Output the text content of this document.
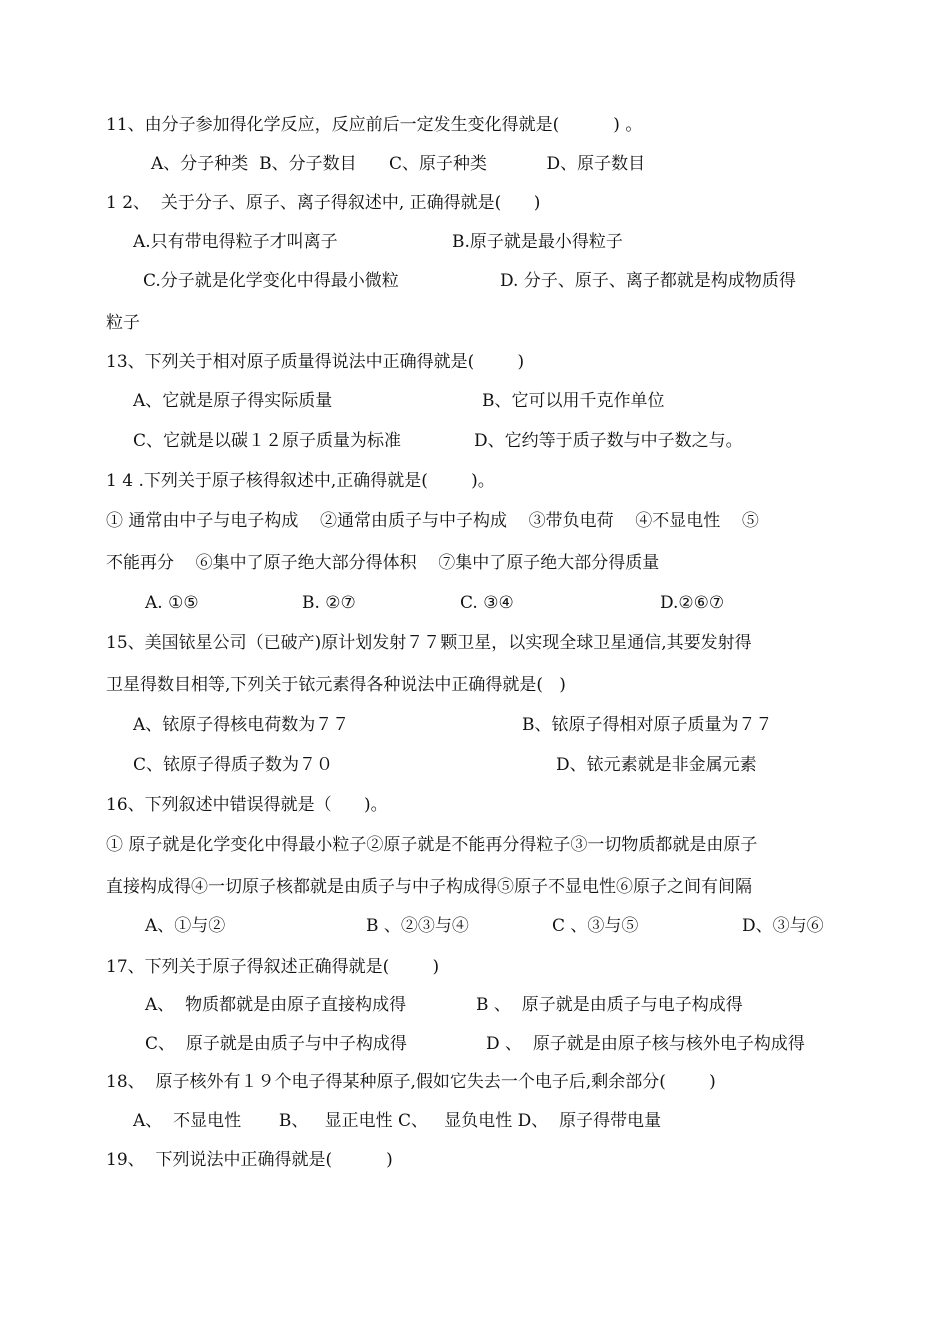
11、由分子参加得化学反应，反应前后一定发生变化得就是(          ) 。
A、分子种类  B、分子数目      C、原子种类           D、原子数目
1 2、  关于分子、原子、离子得叙述中, 正确得就是(      )
A.只有带电得粒子才叫离子	B.原子就是最小得粒子
C.分子就是化学变化中得最小微粒	D. 分子、原子、离子都就是构成物质得
粒子
13、下列关于相对原子质量得说法中正确得就是(        )
A、它就是原子得实际质量	B、它可以用千克作单位
C、它就是以碳１２原子质量为标准	D、它约等于质子数与中子数之与。
1 4 .下列关于原子核得叙述中,正确得就是(        )。
① 通常由中子与电子构成    ②通常由质子与中子构成    ③带负电荷    ④不显电性    ⑤
不能再分    ⑥集中了原子绝大部分得体积    ⑦集中了原子绝大部分得质量
A. ①⑤	B. ②⑦	C. ③④	D.②⑥⑦
15、美国铱星公司（已破产)原计划发射７７颗卫星，以实现全球卫星通信,其要发射得
卫星得数目相等,下列关于铱元素得各种说法中正确得就是(   )
A、铱原子得核电荷数为７７	B、铱原子得相对原子质量为７７
C、铱原子得质子数为７０	D、铱元素就是非金属元素
16、下列叙述中错误得就是（      )。
① 原子就是化学变化中得最小粒子②原子就是不能再分得粒子③一切物质都就是由原子
直接构成得④一切原子核都就是由质子与中子构成得⑤原子不显电性⑥原子之间有间隔
A、①与②	B 、②③与④	C 、③与⑤	D、③与⑥
17、下列关于原子得叙述正确得就是(        )
A、  物质都就是由原子直接构成得	B 、  原子就是由质子与电子构成得
C、  原子就是由质子与中子构成得	D 、  原子就是由原子核与核外电子构成得
18、  原子核外有１９个电子得某种原子,假如它失去一个电子后,剩余部分(        )
A、  不显电性       B、   显正电性 C、   显负电性 D、  原子得带电量
19、  下列说法中正确得就是(          )
